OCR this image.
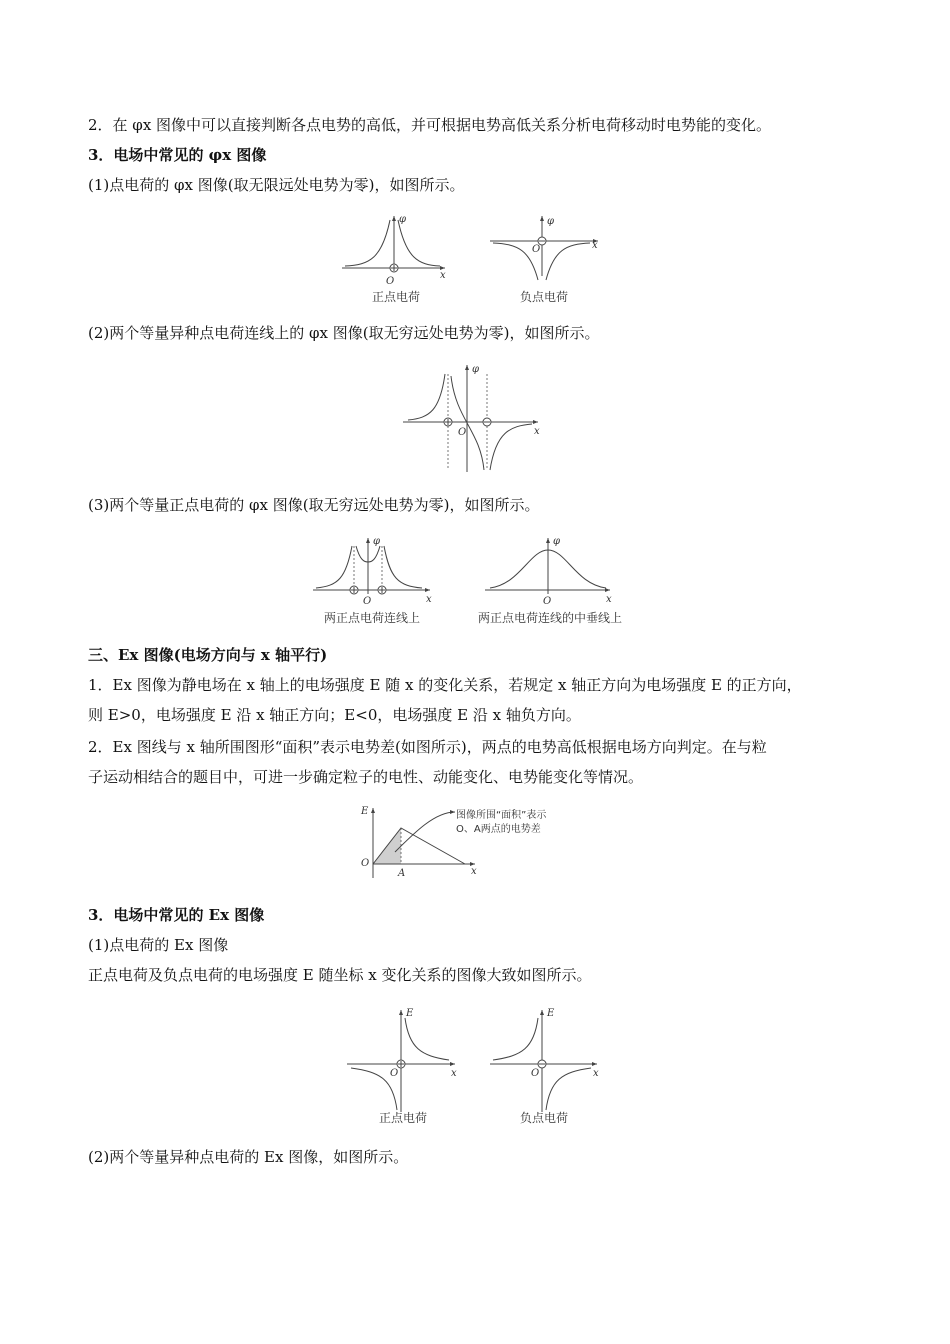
2．在 φx 图像中可以直接判断各点电势的高低，并可根据电势高低关系分析电荷移动时电势能的变化。
3．电场中常见的 φx 图像
(1)点电荷的 φx 图像(取无限远处电势为零)，如图所示。
φ
x
O
正点电荷
φ
x
O
负点电荷
(2)两个等量异种点电荷连线上的 φx 图像(取无穷远处电势为零)，如图所示。
φ
x
O
(3)两个等量正点电荷的 φx 图像(取无穷远处电势为零)，如图所示。
φ
x
O
两正点电荷连线上
φ
x
O
两正点电荷连线的中垂线上
三、Ex 图像(电场方向与 x 轴平行)
1．Ex 图像为静电场在 x 轴上的电场强度 E 随 x 的变化关系，若规定 x 轴正方向为电场强度 E 的正方向，
则 E>0，电场强度 E 沿 x 轴正方向；E<0，电场强度 E 沿 x 轴负方向。
2．Ex 图线与 x 轴所围图形“面积”表示电势差(如图所示)，两点的电势高低根据电场方向判定。在与粒
子运动相结合的题目中，可进一步确定粒子的电性、动能变化、电势能变化等情况。
E
x
O
A
图像所围“面积”表示
O、A两点的电势差
3．电场中常见的 Ex 图像
(1)点电荷的 Ex 图像
正点电荷及负点电荷的电场强度 E 随坐标 x 变化关系的图像大致如图所示。
E
x
O
正点电荷
E
x
O
负点电荷
(2)两个等量异种点电荷的 Ex 图像，如图所示。
